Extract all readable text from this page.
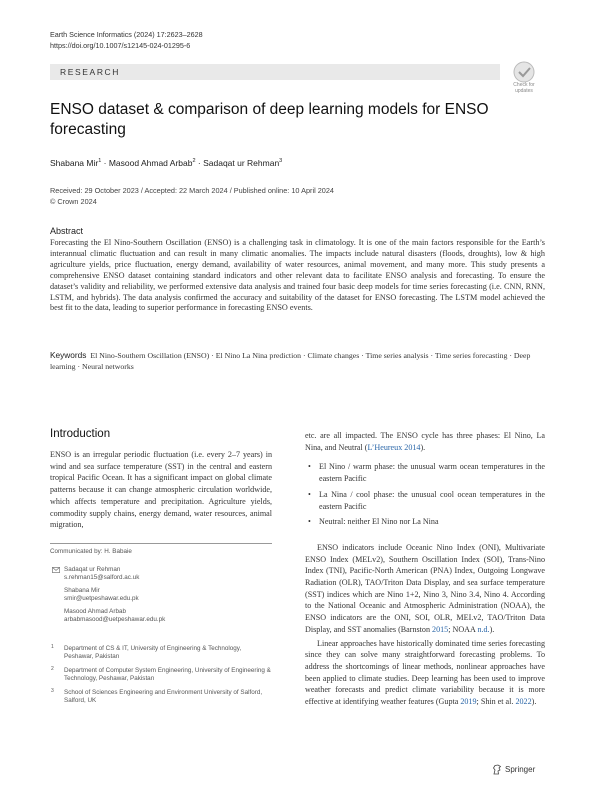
Earth Science Informatics (2024) 17:2623–2628
https://doi.org/10.1007/s12145-024-01295-6
RESEARCH
Check for
updates
ENSO dataset & comparison of deep learning models for ENSO forecasting
Shabana Mir$^1$ · Masood Ahmad Arbab$^2$ · Sadaqat ur Rehman$^3$
Received: 29 October 2023 / Accepted: 22 March 2024 / Published online: 10 April 2024
© Crown 2024
Abstract
Forecasting the El Nino-Southern Oscillation (ENSO) is a challenging task in climatology. It is one of the main factors responsible for the Earth’s interannual climatic fluctuation and can result in many climatic anomalies. The impacts include natural disasters (floods, droughts), low & high agriculture yields, price fluctuation, energy demand, availability of water resources, animal movement, and many more. This study presents a comprehensive ENSO dataset containing standard indicators and other relevant data to facilitate ENSO analysis and forecasting. To ensure the dataset’s validity and reliability, we performed extensive data analysis and trained four basic deep models for time series forecasting (i.e. CNN, RNN, LSTM, and hybrids). The data analysis confirmed the accuracy and suitability of the dataset for ENSO forecasting. The LSTM model achieved the best fit to the data, leading to superior performance in forecasting ENSO events.
Keywords El Nino-Southern Oscillation (ENSO) · El Nino La Nina prediction · Climate changes · Time series analysis · Time series forecasting · Deep learning · Neural networks
Introduction
ENSO is an irregular periodic fluctuation (i.e. every 2–7 years) in wind and sea surface temperature (SST) in the central and eastern tropical Pacific Ocean. It has a significant impact on global climate patterns because it can change atmospheric circulation worldwide, which affects temperature and precipitation. Agriculture yields, commodity supply chains, energy demand, water resources, animal migration,

etc. are all impacted. The ENSO cycle has three phases: El Nino, La Nina, and Neutral (L’Heureux 2014).

• El Nino / warm phase: the unusual warm ocean temperatures in the eastern Pacific
• La Nina / cool phase: the unusual cool ocean temperatures in the eastern Pacific
• Neutral: neither El Nino nor La Nina

ENSO indicators include Oceanic Nino Index (ONI), Multivariate ENSO Index (MELv2), Southern Oscillation Index (SOI), Trans-Nino Index (TNI), Pacific-North American (PNA) Index, Outgoing Longwave Radiation (OLR), TAO/Triton Data Display, and sea surface temperature (SST) indices which are Nino 1+2, Nino 3, Nino 3.4, Nino 4. According to the National Oceanic and Atmospheric Administration (NOAA), the ENSO indicators are the ONI, SOI, OLR, MEI.v2, TAO/Triton Data Display, and SST anomalies (Barnston 2015; NOAA n.d.).

Linear approaches have historically dominated time series forecasting since they can solve many straightforward forecasting problems. To address the shortcomings of linear methods, nonlinear approaches have been applied to climate studies. Deep learning has been used to improve weather forecasts and predict climate variability because it is more effective at identifying weather features (Gupta 2019; Shin et al. 2022).

Communicated by: H. Babaie
Sadaqat ur Rehman
s.rehman15@salford.ac.uk
Shabana Mir
smir@uetpeshawar.edu.pk
Masood Ahmad Arbab
arbabmasood@uetpeshawar.edu.pk
1 Department of CS & IT, University of Engineering & Technology, Peshawar, Pakistan
2 Department of Computer System Engineering, University of Engineering & Technology, Peshawar, Pakistan
3 School of Sciences Engineering and Environment University of Salford, Salford, UK
Springer
